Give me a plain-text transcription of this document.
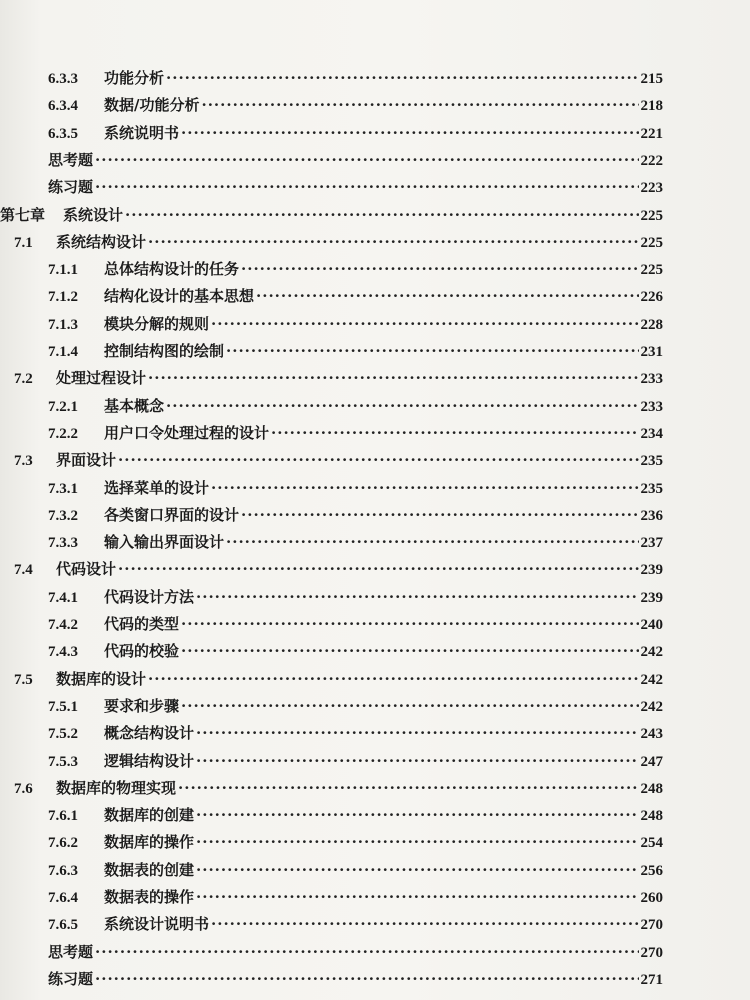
6.3.3	功能分析 ·····	215
6.3.4	数据/功能分析 ·····	218
6.3.5	系统说明书 ·····	221
思考题 ·····	222
练习题 ·····	223
第七章 系统设计 ·····	225
7.1	系统结构设计 ·····	225
7.1.1	总体结构设计的任务 ·····	225
7.1.2	结构化设计的基本思想 ·····	226
7.1.3	模块分解的规则 ·····	228
7.1.4	控制结构图的绘制 ·····	231
7.2	处理过程设计 ·····	233
7.2.1	基本概念 ·····	233
7.2.2	用户口令处理过程的设计 ·····	234
7.3	界面设计 ·····	235
7.3.1	选择菜单的设计 ·····	235
7.3.2	各类窗口界面的设计 ·····	236
7.3.3	输入输出界面设计 ·····	237
7.4	代码设计 ·····	239
7.4.1	代码设计方法 ·····	239
7.4.2	代码的类型 ·····	240
7.4.3	代码的校验 ·····	242
7.5	数据库的设计 ·····	242
7.5.1	要求和步骤 ·····	242
7.5.2	概念结构设计 ·····	243
7.5.3	逻辑结构设计 ·····	247
7.6	数据库的物理实现 ·····	248
7.6.1	数据库的创建 ·····	248
7.6.2	数据库的操作 ·····	254
7.6.3	数据表的创建 ·····	256
7.6.4	数据表的操作 ·····	260
7.6.5	系统设计说明书 ·····	270
思考题 ·····	270
练习题 ·····	271
